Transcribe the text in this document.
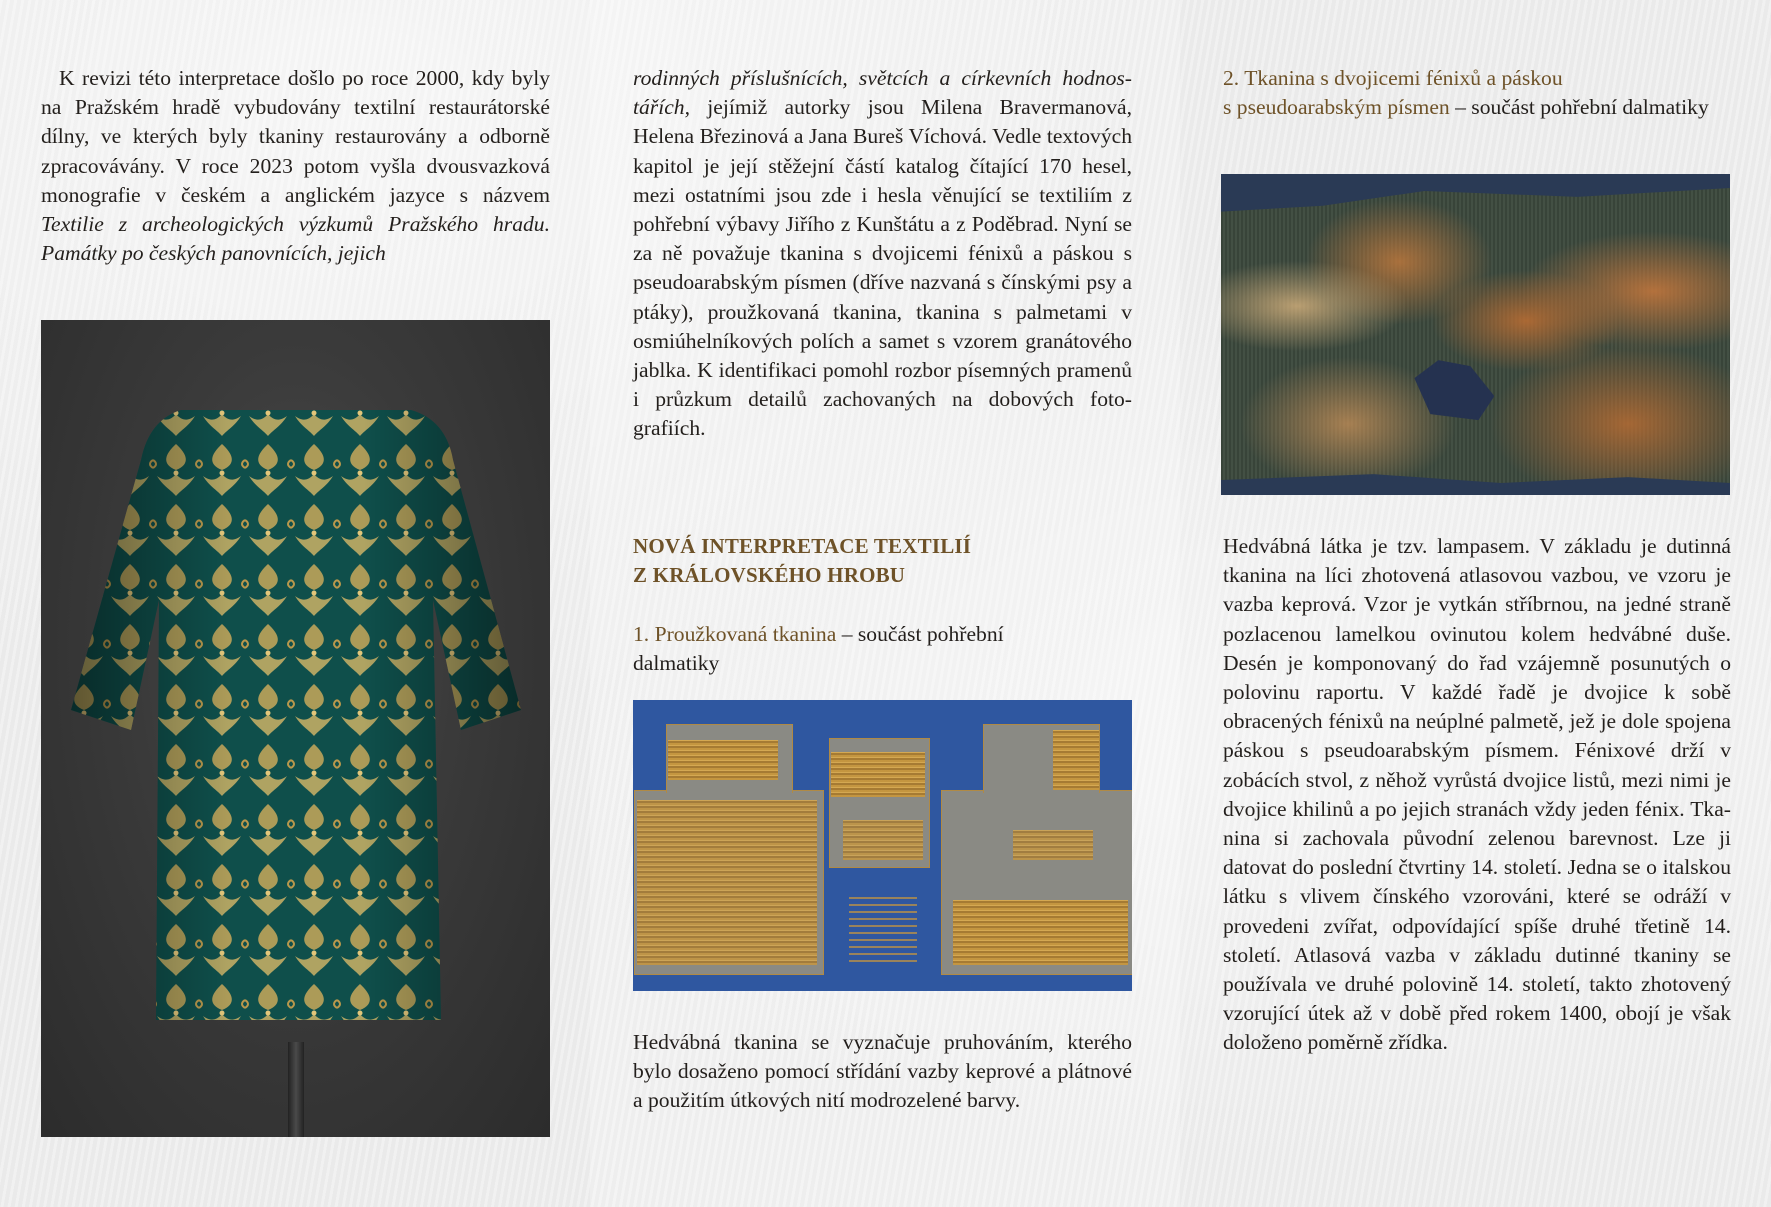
K revizi této interpretace došlo po roce 2000, kdy byly na Pražském hradě vybudovány textilní restaurátorské dílny, ve kterých byly tkaniny restaurovány a odborně zpracovávány. V roce 2023 potom vyšla dvousvazková monografie v českém a anglickém jazyce s názvem Textilie z archeologických výzkumů Pražského hradu. Památky po českých panovnících, jejich

rodinných příslušnících, světcích a církevních hodnostářích, jejímiž autorky jsou Milena Bravermanová, Helena Březinová a Jana Bureš Víchová. Vedle textových kapitol je její stěžejní částí katalog čítající 170 hesel, mezi ostatními jsou zde i hesla věnující se textiliím z pohřební výbavy Jiřího z Kunštátu a z Poděbrad. Nyní se za ně považuje tkanina s dvojicemi fénixů a páskou s pseudoarabským písmen (dříve nazvaná s čínskými psy a ptáky), proužkovaná tkanina, tkanina s palmetami v osmiúhelníkových polích a samet s vzorem granátového jablka. K identifikaci pomohl rozbor písemných pramenů i průzkum detailů zachovaných na dobových fotografiích.

NOVÁ INTERPRETACE TEXTILIÍ
Z KRÁLOVSKÉHO HROBU
1. Proužkovaná tkanina – součást pohřební dalmatiky

Hedvábná tkanina se vyznačuje pruhováním, kterého bylo dosaženo pomocí střídání vazby keprové a plátnové a použitím útkových nití modrozelené barvy.

2. Tkanina s dvojicemi fénixů a páskou
s pseudoarabským písmen – součást pohřební dalmatiky

Hedvábná látka je tzv. lampasem. V základu je dutinná tkanina na líci zhotovená atlasovou vazbou, ve vzoru je vazba keprová. Vzor je vytkán stříbrnou, na jedné straně pozlacenou lamelkou ovinutou kolem hedvábné duše. Desén je komponovaný do řad vzájemně posunutých o polovinu raportu. V každé řadě je dvojice k sobě obracených fénixů na neúplné palmetě, jež je dole spojena páskou s pseudoarabským písmem. Fénixové drží v zobácích stvol, z něhož vyrůstá dvojice listů, mezi nimi je dvojice khilinů a po jejich stranách vždy jeden fénix. Tkanina si zachovala původní zelenou barevnost. Lze ji datovat do poslední čtvrtiny 14. století. Jedna se o italskou látku s vlivem čínského vzorováni, které se odráží v provedeni zvířat, odpovídající spíše druhé třetině 14. století. Atlasová vazba v základu dutinné tkaniny se používala ve druhé polovině 14. století, takto zhotovený vzorující útek až v době před rokem 1400, obojí je však doloženo poměrně zřídka.
